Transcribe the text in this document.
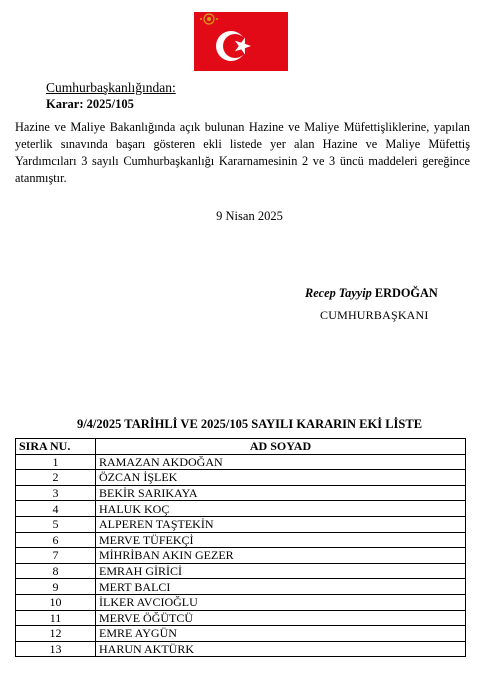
Cumhurbaşkanlığından:
Karar: 2025/105
Hazine ve Maliye Bakanlığında açık bulunan Hazine ve Maliye Müfettişliklerine, yapılan yeterlik sınavında başarı gösteren ekli listede yer alan Hazine ve Maliye Müfettiş Yardımcıları 3 sayılı Cumhurbaşkanlığı Kararnamesinin 2 ve 3 üncü maddeleri gereğince atanmıştır.
9 Nisan 2025
Recep Tayyip ERDOĞAN
CUMHURBAŞKANI
9/4/2025 TARİHLİ VE 2025/105 SAYILI KARARIN EKİ LİSTE
SIRA NU.	AD SOYAD
1	RAMAZAN AKDOĞAN
2	ÖZCAN İŞLEK
3	BEKİR SARIKAYA
4	HALUK KOÇ
5	ALPEREN TAŞTEKİN
6	MERVE TÜFEKÇİ
7	MİHRİBAN AKIN GEZER
8	EMRAH GİRİCİ
9	MERT BALCI
10	İLKER AVCIOĞLU
11	MERVE ÖĞÜTCÜ
12	EMRE AYGÜN
13	HARUN AKTÜRK
